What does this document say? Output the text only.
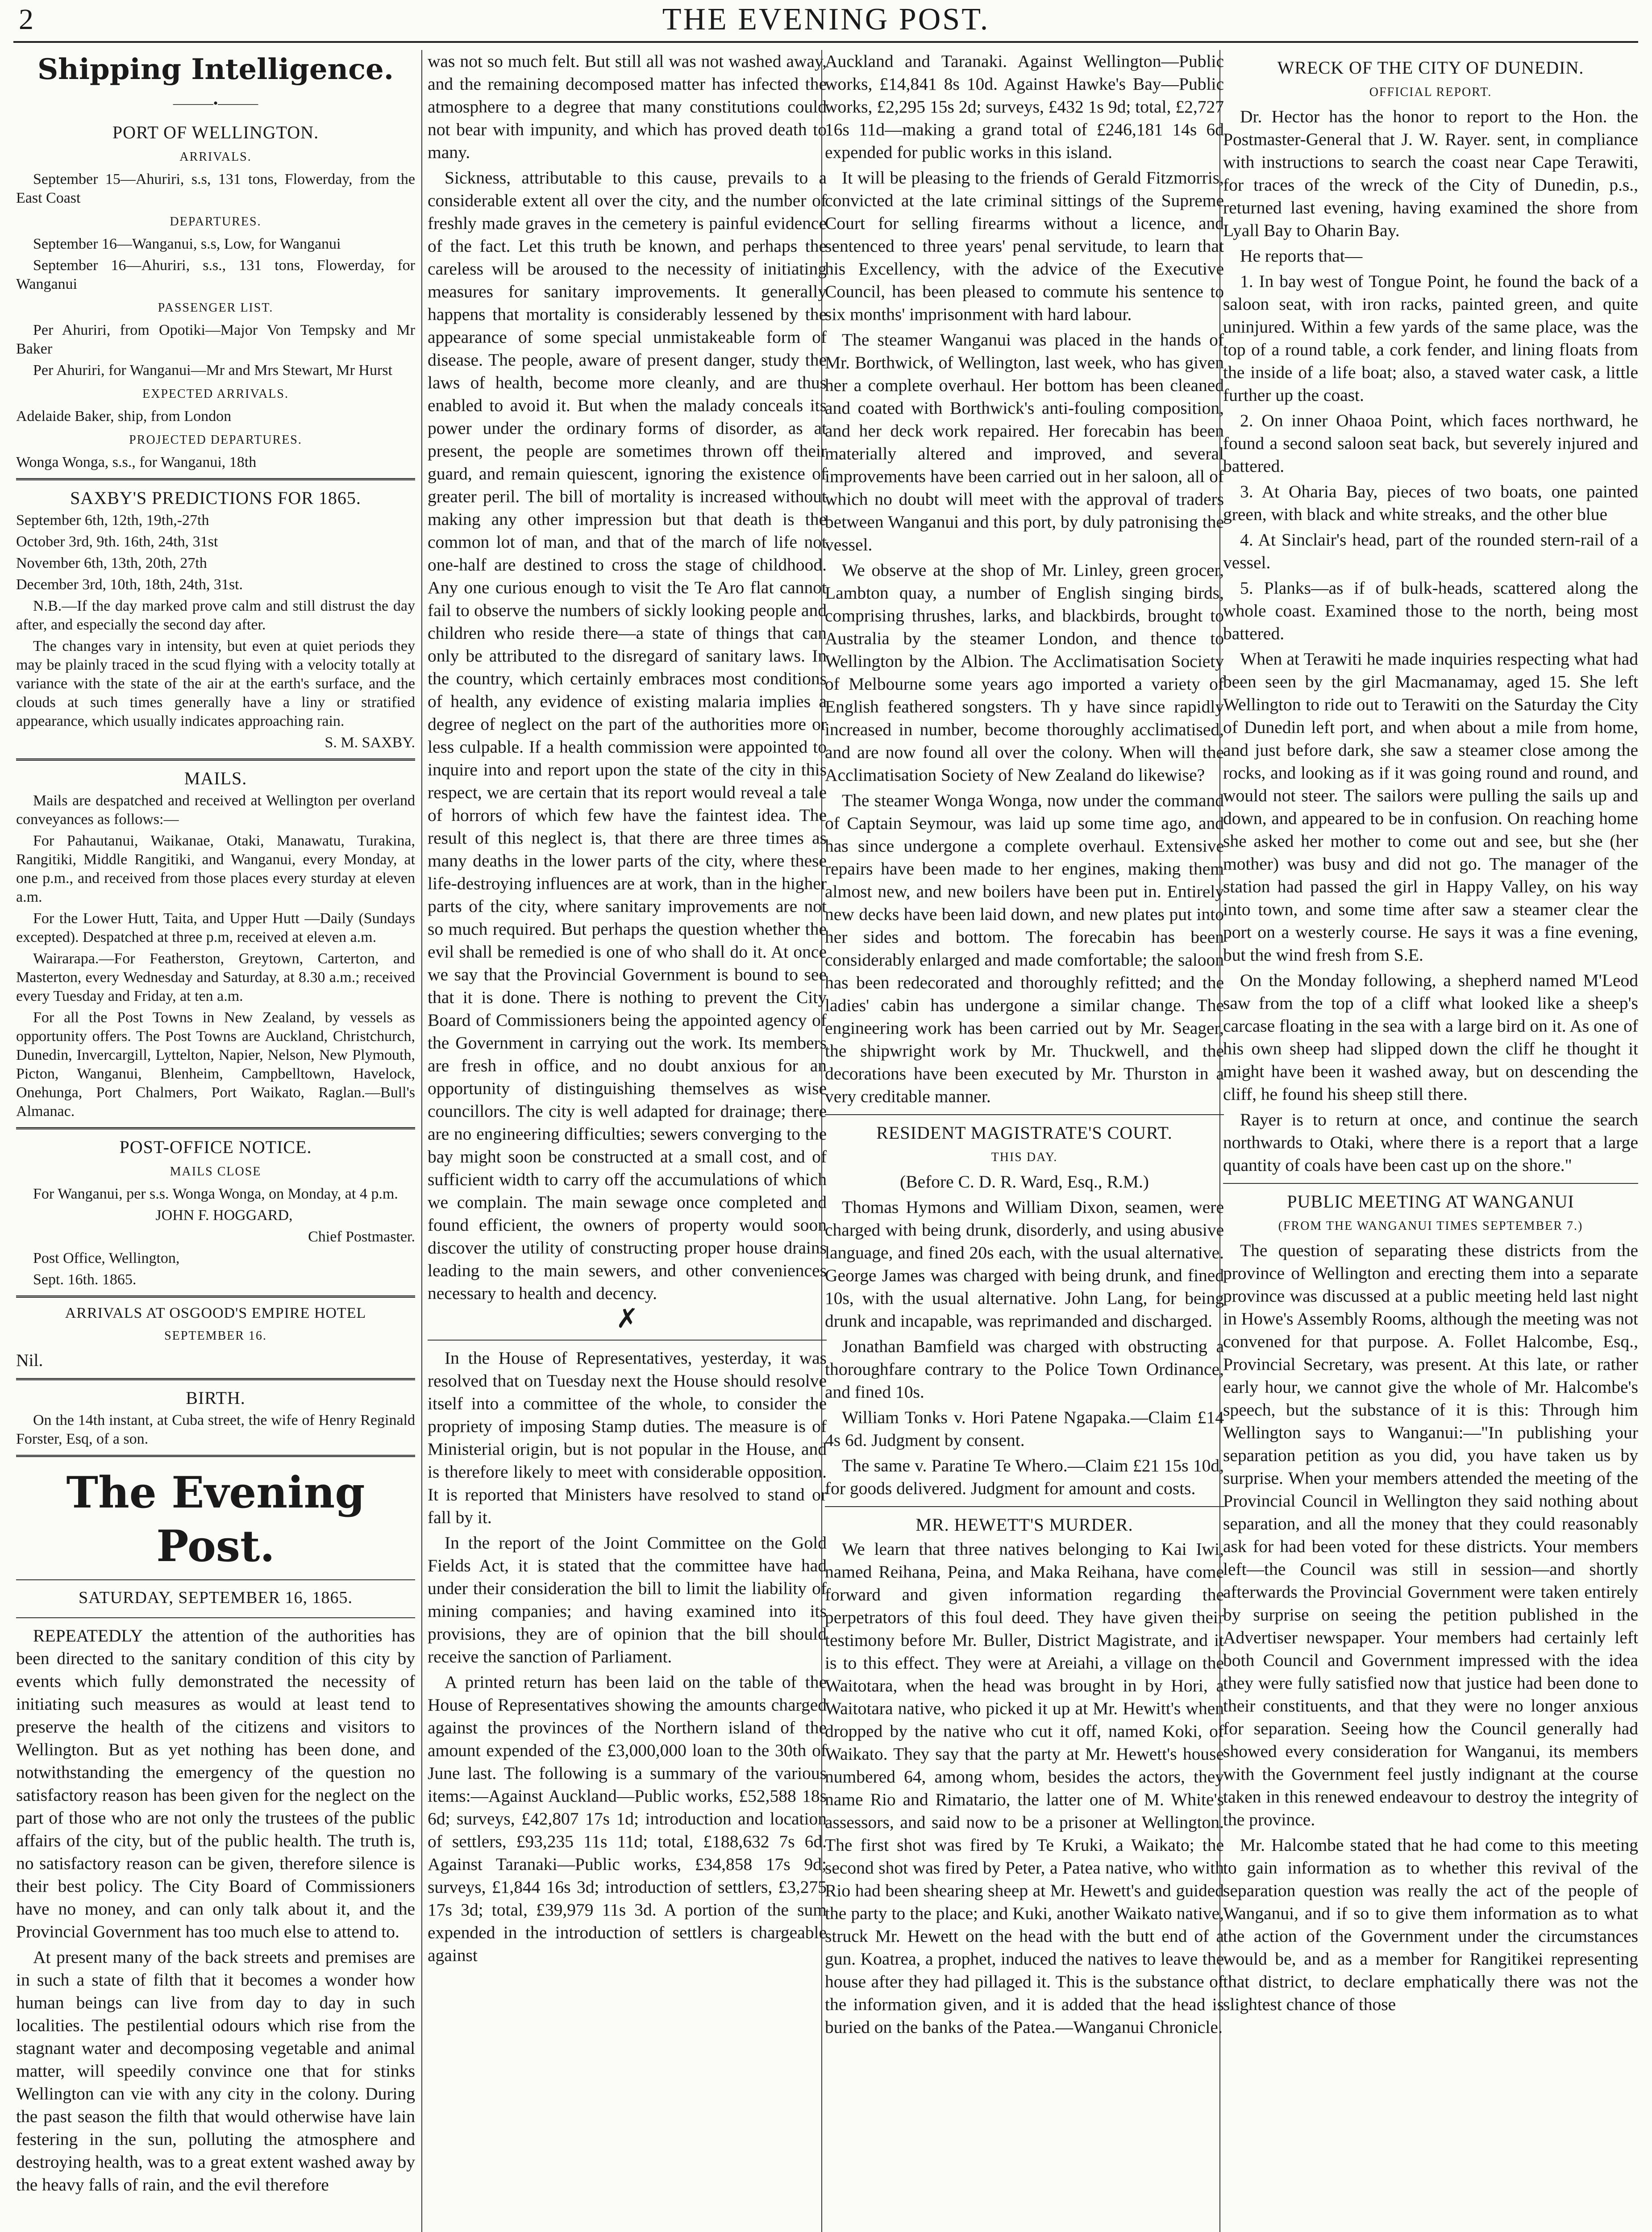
2	THE EVENING POST.
Shipping Intelligence.
———•———
PORT OF WELLINGTON.
ARRIVALS.

September 15—Ahuriri, s.s, 131 tons, Flowerday, from the East Coast

DEPARTURES.

September 16—Wanganui, s.s, Low, for Wanganui

September 16—Ahuriri, s.s., 131 tons, Flowerday, for Wanganui

PASSENGER LIST.

Per Ahuriri, from Opotiki—Major Von Tempsky and Mr Baker

Per Ahuriri, for Wanganui—Mr and Mrs Stewart, Mr Hurst

EXPECTED ARRIVALS.

Adelaide Baker, ship, from London

PROJECTED DEPARTURES.

Wonga Wonga, s.s., for Wanganui, 18th

SAXBY'S PREDICTIONS FOR 1865.

September 6th, 12th, 19th,-27th

October 3rd, 9th. 16th, 24th, 31st

November 6th, 13th, 20th, 27th

December 3rd, 10th, 18th, 24th, 31st.

N.B.—If the day marked prove calm and still distrust the day after, and especially the second day after.

The changes vary in intensity, but even at quiet periods they may be plainly traced in the scud flying with a velocity totally at variance with the state of the air at the earth's surface, and the clouds at such times generally have a liny or stratified appearance, which usually indicates approaching rain.

S. M. SAXBY.

MAILS.

Mails are despatched and received at Wellington per overland conveyances as follows:—

For Pahautanui, Waikanae, Otaki, Manawatu, Turakina, Rangitiki, Middle Rangitiki, and Wanganui, every Monday, at one p.m., and received from those places every sturday at eleven a.m.

For the Lower Hutt, Taita, and Upper Hutt —Daily (Sundays excepted). Despatched at three p.m, received at eleven a.m.

Wairarapa.—For Featherston, Greytown, Carterton, and Masterton, every Wednesday and Saturday, at 8.30 a.m.; received every Tuesday and Friday, at ten a.m.

For all the Post Towns in New Zealand, by vessels as opportunity offers. The Post Towns are Auckland, Christchurch, Dunedin, Invercargill, Lyttelton, Napier, Nelson, New Plymouth, Picton, Wanganui, Blenheim, Campbelltown, Havelock, Onehunga, Port Chalmers, Port Waikato, Raglan.—Bull's Almanac.

POST-OFFICE NOTICE.
MAILS CLOSE

For Wanganui, per s.s. Wonga Wonga, on Monday, at 4 p.m.

JOHN F. HOGGARD,

Chief Postmaster.

Post Office, Wellington,

Sept. 16th. 1865.

ARRIVALS AT OSGOOD'S EMPIRE HOTEL
SEPTEMBER 16.

Nil.

BIRTH.

On the 14th instant, at Cuba street, the wife of Henry Reginald Forster, Esq, of a son.

The Evening Post.
SATURDAY, SEPTEMBER 16, 1865.

REPEATEDLY the attention of the authorities has been directed to the sanitary condition of this city by events which fully demonstrated the necessity of initiating such measures as would at least tend to preserve the health of the citizens and visitors to Wellington. But as yet nothing has been done, and notwithstanding the emergency of the question no satisfactory reason has been given for the neglect on the part of those who are not only the trustees of the public affairs of the city, but of the public health. The truth is, no satisfactory reason can be given, therefore silence is their best policy. The City Board of Commissioners have no money, and can only talk about it, and the Provincial Government has too much else to attend to.

At present many of the back streets and premises are in such a state of filth that it becomes a wonder how human beings can live from day to day in such localities. The pestilential odours which rise from the stagnant water and decomposing vegetable and animal matter, will speedily convince one that for stinks Wellington can vie with any city in the colony. During the past season the filth that would otherwise have lain festering in the sun, polluting the atmosphere and destroying health, was to a great extent washed away by the heavy falls of rain, and the evil therefore

was not so much felt. But still all was not washed away, and the remaining decomposed matter has infected the atmosphere to a degree that many constitutions could not bear with impunity, and which has proved death to many.

Sickness, attributable to this cause, prevails to a considerable extent all over the city, and the number of freshly made graves in the cemetery is painful evidence of the fact. Let this truth be known, and perhaps the careless will be aroused to the necessity of initiating measures for sanitary improvements. It generally happens that mortality is considerably lessened by the appearance of some special unmistakeable form of disease. The people, aware of present danger, study the laws of health, become more cleanly, and are thus enabled to avoid it. But when the malady conceals its power under the ordinary forms of disorder, as at present, the people are sometimes thrown off their guard, and remain quiescent, ignoring the existence of greater peril. The bill of mortality is increased without making any other impression but that death is the common lot of man, and that of the march of life not one-half are destined to cross the stage of childhood. Any one curious enough to visit the Te Aro flat cannot fail to observe the numbers of sickly looking people and children who reside there—a state of things that can only be attributed to the disregard of sanitary laws. In the country, which certainly embraces most conditions of health, any evidence of existing malaria implies a degree of neglect on the part of the authorities more or less culpable. If a health commission were appointed to inquire into and report upon the state of the city in this respect, we are certain that its report would reveal a tale of horrors of which few have the faintest idea. The result of this neglect is, that there are three times as many deaths in the lower parts of the city, where these life-destroying influences are at work, than in the higher parts of the city, where sanitary improvements are not so much required. But perhaps the question whether the evil shall be remedied is one of who shall do it. At once we say that the Provincial Government is bound to see that it is done. There is nothing to prevent the City Board of Commissioners being the appointed agency of the Government in carrying out the work. Its members are fresh in office, and no doubt anxious for an opportunity of distinguishing themselves as wise councillors. The city is well adapted for drainage; there are no engineering difficulties; sewers converging to the bay might soon be constructed at a small cost, and of sufficient width to carry off the accumulations of which we complain. The main sewage once completed and found efficient, the owners of property would soon discover the utility of constructing proper house drains leading to the main sewers, and other conveniences necessary to health and decency.

✗

In the House of Representatives, yesterday, it was resolved that on Tuesday next the House should resolve itself into a committee of the whole, to consider the propriety of imposing Stamp duties. The measure is of Ministerial origin, but is not popular in the House, and is therefore likely to meet with considerable opposition. It is reported that Ministers have resolved to stand or fall by it.

In the report of the Joint Committee on the Gold Fields Act, it is stated that the committee have had under their consideration the bill to limit the liability of mining companies; and having examined into its provisions, they are of opinion that the bill should receive the sanction of Parliament.

A printed return has been laid on the table of the House of Representatives showing the amounts charged against the provinces of the Northern island of the amount expended of the £3,000,000 loan to the 30th of June last. The following is a summary of the various items:—Against Auckland—Public works, £52,588 18s 6d; surveys, £42,807 17s 1d; introduction and location of settlers, £93,235 11s 11d; total, £188,632 7s 6d. Against Taranaki—Public works, £34,858 17s 9d; surveys, £1,844 16s 3d; introduction of settlers, £3,275 17s 3d; total, £39,979 11s 3d. A portion of the sum expended in the introduction of settlers is chargeable against

Auckland and Taranaki. Against Wellington—Public works, £14,841 8s 10d. Against Hawke's Bay—Public works, £2,295 15s 2d; surveys, £432 1s 9d; total, £2,727 16s 11d—making a grand total of £246,181 14s 6d expended for public works in this island.

It will be pleasing to the friends of Gerald Fitzmorris, convicted at the late criminal sittings of the Supreme Court for selling firearms without a licence, and sentenced to three years' penal servitude, to learn that his Excellency, with the advice of the Executive Council, has been pleased to commute his sentence to six months' imprisonment with hard labour.

The steamer Wanganui was placed in the hands of Mr. Borthwick, of Wellington, last week, who has given her a complete overhaul. Her bottom has been cleaned and coated with Borthwick's anti-fouling composition, and her deck work repaired. Her forecabin has been materially altered and improved, and several improvements have been carried out in her saloon, all of which no doubt will meet with the approval of traders between Wanganui and this port, by duly patronising the vessel.

We observe at the shop of Mr. Linley, green grocer, Lambton quay, a number of English singing birds, comprising thrushes, larks, and blackbirds, brought to Australia by the steamer London, and thence to Wellington by the Albion. The Acclimatisation Society of Melbourne some years ago imported a variety of English feathered songsters. Th y have since rapidly increased in number, become thoroughly acclimatised, and are now found all over the colony. When will the Acclimatisation Society of New Zealand do likewise?

The steamer Wonga Wonga, now under the command of Captain Seymour, was laid up some time ago, and has since undergone a complete overhaul. Extensive repairs have been made to her engines, making them almost new, and new boilers have been put in. Entirely new decks have been laid down, and new plates put into her sides and bottom. The forecabin has been considerably enlarged and made comfortable; the saloon has been redecorated and thoroughly refitted; and the ladies' cabin has undergone a similar change. The engineering work has been carried out by Mr. Seager, the shipwright work by Mr. Thuckwell, and the decorations have been executed by Mr. Thurston in a very creditable manner.

RESIDENT MAGISTRATE'S COURT.
THIS DAY.

(Before C. D. R. Ward, Esq., R.M.)

Thomas Hymons and William Dixon, seamen, were charged with being drunk, disorderly, and using abusive language, and fined 20s each, with the usual alternative. George James was charged with being drunk, and fined 10s, with the usual alternative. John Lang, for being drunk and incapable, was reprimanded and discharged.

Jonathan Bamfield was charged with obstructing a thoroughfare contrary to the Police Town Ordinance, and fined 10s.

William Tonks v. Hori Patene Ngapaka.—Claim £14 4s 6d. Judgment by consent.

The same v. Paratine Te Whero.—Claim £21 15s 10d, for goods delivered. Judgment for amount and costs.

MR. HEWETT'S MURDER.

We learn that three natives belonging to Kai Iwi, named Reihana, Peina, and Maka Reihana, have come forward and given information regarding the perpetrators of this foul deed. They have given their testimony before Mr. Buller, District Magistrate, and it is to this effect. They were at Areiahi, a village on the Waitotara, when the head was brought in by Hori, a Waitotara native, who picked it up at Mr. Hewitt's when dropped by the native who cut it off, named Koki, of Waikato. They say that the party at Mr. Hewett's house numbered 64, among whom, besides the actors, they name Rio and Rimatario, the latter one of M. White's assessors, and said now to be a prisoner at Wellington. The first shot was fired by Te Kruki, a Waikato; the second shot was fired by Peter, a Patea native, who with Rio had been shearing sheep at Mr. Hewett's and guided the party to the place; and Kuki, another Waikato native, struck Mr. Hewett on the head with the butt end of a gun. Koatrea, a prophet, induced the natives to leave the house after they had pillaged it. This is the substance of the information given, and it is added that the head is buried on the banks of the Patea.—Wanganui Chronicle.

WRECK OF THE CITY OF DUNEDIN.
OFFICIAL REPORT.

Dr. Hector has the honor to report to the Hon. the Postmaster-General that J. W. Rayer. sent, in compliance with instructions to search the coast near Cape Terawiti, for traces of the wreck of the City of Dunedin, p.s., returned last evening, having examined the shore from Lyall Bay to Oharin Bay.

He reports that—

1. In bay west of Tongue Point, he found the back of a saloon seat, with iron racks, painted green, and quite uninjured. Within a few yards of the same place, was the top of a round table, a cork fender, and lining floats from the inside of a life boat; also, a staved water cask, a little further up the coast.

2. On inner Ohaoa Point, which faces northward, he found a second saloon seat back, but severely injured and battered.

3. At Oharia Bay, pieces of two boats, one painted green, with black and white streaks, and the other blue

4. At Sinclair's head, part of the rounded stern-rail of a vessel.

5. Planks—as if of bulk-heads, scattered along the whole coast. Examined those to the north, being most battered.

When at Terawiti he made inquiries respecting what had been seen by the girl Macmanamay, aged 15. She left Wellington to ride out to Terawiti on the Saturday the City of Dunedin left port, and when about a mile from home, and just before dark, she saw a steamer close among the rocks, and looking as if it was going round and round, and would not steer. The sailors were pulling the sails up and down, and appeared to be in confusion. On reaching home she asked her mother to come out and see, but she (her mother) was busy and did not go. The manager of the station had passed the girl in Happy Valley, on his way into town, and some time after saw a steamer clear the port on a westerly course. He says it was a fine evening, but the wind fresh from S.E.

On the Monday following, a shepherd named M'Leod saw from the top of a cliff what looked like a sheep's carcase floating in the sea with a large bird on it. As one of his own sheep had slipped down the cliff he thought it might have been it washed away, but on descending the cliff, he found his sheep still there.

Rayer is to return at once, and continue the search northwards to Otaki, where there is a report that a large quantity of coals have been cast up on the shore."

PUBLIC MEETING AT WANGANUI
(FROM THE WANGANUI TIMES SEPTEMBER 7.)

The question of separating these districts from the province of Wellington and erecting them into a separate province was discussed at a public meeting held last night in Howe's Assembly Rooms, although the meeting was not convened for that purpose. A. Follet Halcombe, Esq., Provincial Secretary, was present. At this late, or rather early hour, we cannot give the whole of Mr. Halcombe's speech, but the substance of it is this: Through him Wellington says to Wanganui:—"In publishing your separation petition as you did, you have taken us by surprise. When your members attended the meeting of the Provincial Council in Wellington they said nothing about separation, and all the money that they could reasonably ask for had been voted for these districts. Your members left—the Council was still in session—and shortly afterwards the Provincial Government were taken entirely by surprise on seeing the petition published in the Advertiser newspaper. Your members had certainly left both Council and Government impressed with the idea they were fully satisfied now that justice had been done to their constituents, and that they were no longer anxious for separation. Seeing how the Council generally had showed every consideration for Wanganui, its members with the Government feel justly indignant at the course taken in this renewed endeavour to destroy the integrity of the province.

Mr. Halcombe stated that he had come to this meeting to gain information as to whether this revival of the separation question was really the act of the people of Wanganui, and if so to give them information as to what the action of the Government under the circumstances would be, and as a member for Rangitikei representing that district, to declare emphatically there was not the slightest chance of those
